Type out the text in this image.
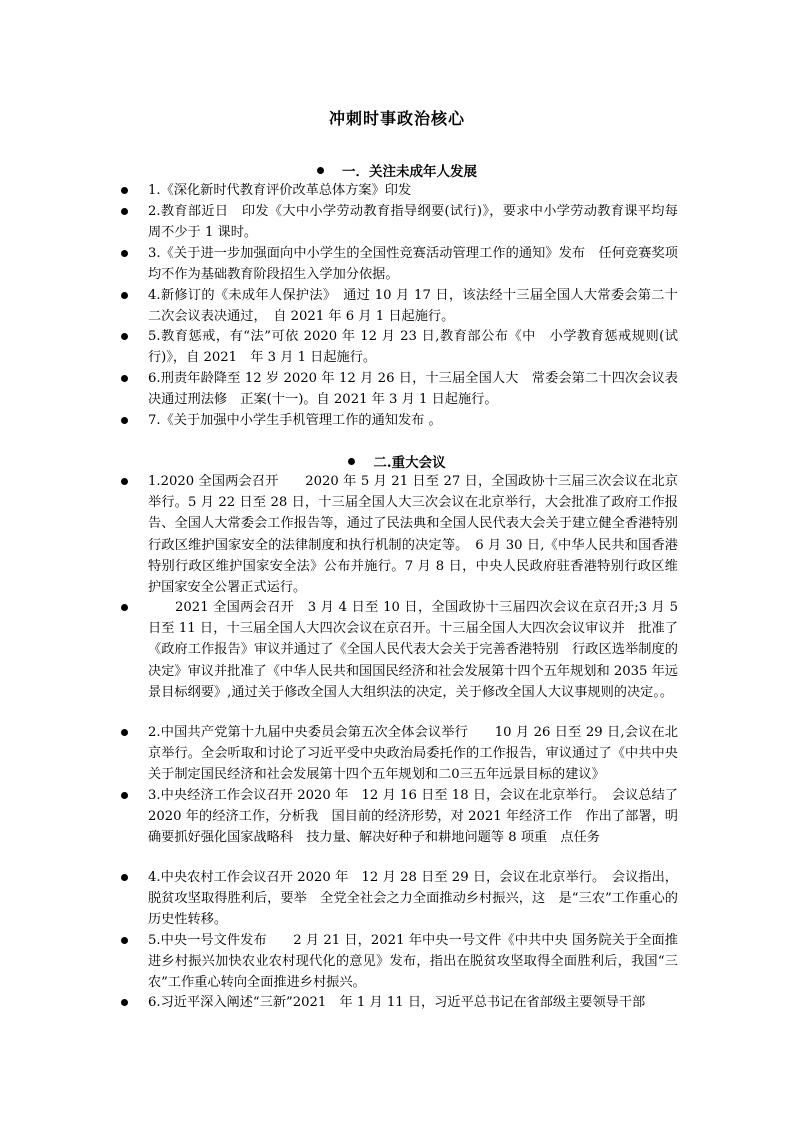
冲刺时事政治核心
一．关注未成年人发展
1.《深化新时代教育评价改革总体方案》印发
2.教育部近日　印发《大中小学劳动教育指导纲要(试行)》，要求中小学劳动教育课平均每周不少于 1 课时。
3.《关于进一步加强面向中小学生的全国性竞赛活动管理工作的通知》发布　任何竞赛奖项均不作为基础教育阶段招生入学加分依据。
4.新修订的《未成年人保护法》　通过 10 月 17 日，该法经十三届全国人大常委会第二十二次会议表决通过，　自 2021 年 6 月 1 日起施行。
5.教育惩戒，有“法”可依 2020 年 12 月 23 日,教育部公布《中　小学教育惩戒规则(试行)》，自 2021　年 3 月 1 日起施行。
6.刑责年龄降至 12 岁 2020 年 12 月 26 日，十三届全国人大　常委会第二十四次会议表决通过刑法修　正案(十一)。自 2021 年 3 月 1 日起施行。
7.《关于加强中小学生手机管理工作的通知发布 。
二.重大会议
1.2020 全国两会召开　　2020 年 5 月 21 日至 27 日，全国政协十三届三次会议在北京举行。5 月 22 日至 28 日，十三届全国人大三次会议在北京举行，大会批准了政府工作报告、全国人大常委会工作报告等，通过了民法典和全国人民代表大会关于建立健全香港特别行政区维护国家安全的法律制度和执行机制的决定等。　6 月 30 日,《中华人民共和国香港特别行政区维护国家安全法》公布并施行。7 月 8 日，中央人民政府驻香港特别行政区维护国家安全公署正式运行。
　　2021 全国两会召开　3 月 4 日至 10 日，全国政协十三届四次会议在京召开;3 月 5 日至 11 日，十三届全国人大四次会议在京召开。十三届全国人大四次会议审议并　批准了《政府工作报告》审议并通过了《全国人民代表大会关于完善香港特别　行政区选举制度的决定》审议并批准了《中华人民共和国国民经济和社会发展第十四个五年规划和 2035 年远景目标纲要》,通过关于修改全国人大组织法的决定，关于修改全国人大议事规则的决定。。
2.中国共产党第十九届中央委员会第五次全体会议举行　　10 月 26 日至 29 日,会议在北京举行。全会听取和讨论了习近平受中央政治局委托作的工作报告，审议通过了《中共中央关于制定国民经济和社会发展第十四个五年规划和二0三五年远景目标的建议》
3.中央经济工作会议召开 2020 年　12 月 16 日至 18 日，会议在北京举行。　会议总结了 2020 年的经济工作，分析我　国目前的经济形势，对 2021 年经济工作　作出了部署，明确要抓好强化国家战略科　技力量、解决好种子和耕地问题等 8 项重　点任务
4.中央农村工作会议召开 2020 年　12 月 28 日至 29 日，会议在北京举行。　会议指出，脱贫攻坚取得胜利后，要举　全党全社会之力全面推动乡村振兴，这　是“三农”工作重心的历史性转移。
5.中央一号文件发布　　2 月 21 日，2021 年中央一号文件《中共中央 国务院关于全面推进乡村振兴加快农业农村现代化的意见》发布，指出在脱贫攻坚取得全面胜利后，我国“三农”工作重心转向全面推进乡村振兴。
6.习近平深入阐述“三新”2021　年 1 月 11 日，习近平总书记在省部级主要领导干部
